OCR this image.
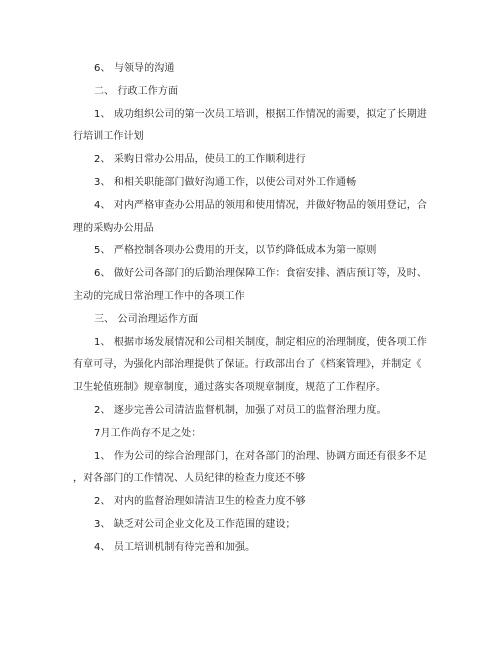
6、 与领导的沟通
二、 行政工作方面
1、 成功组织公司的第一次员工培训，根据工作情况的需要，拟定了长期进
行培训工作计划
2、 采购日常办公用品，使员工的工作顺利进行
3、 和相关职能部门做好沟通工作，以使公司对外工作通畅
4、 对内严格审查办公用品的领用和使用情况，并做好物品的领用登记，合
理的采购办公用品
5、 严格控制各项办公费用的开支，以节约降低成本为第一原则
6、 做好公司各部门的后勤治理保障工作：食宿安排、酒店预订等，及时、
主动的完成日常治理工作中的各项工作
三、 公司治理运作方面
1、 根据市场发展情况和公司相关制度，制定相应的治理制度，使各项工作
有章可寻，为强化内部治理提供了保证。行政部出台了《档案管理》，并制定《
卫生轮值班制》规章制度，通过落实各项规章制度，规范了工作程序。
2、 逐步完善公司清洁监督机制，加强了对员工的监督治理力度。
7月工作尚存不足之处：
1、 作为公司的综合治理部门，在对各部门的治理、协调方面还有很多不足
，对各部门的工作情况、人员纪律的检查力度还不够
2、 对内的监督治理如清洁卫生的检查力度不够
3、 缺乏对公司企业文化及工作范围的建设；
4、 员工培训机制有待完善和加强。
